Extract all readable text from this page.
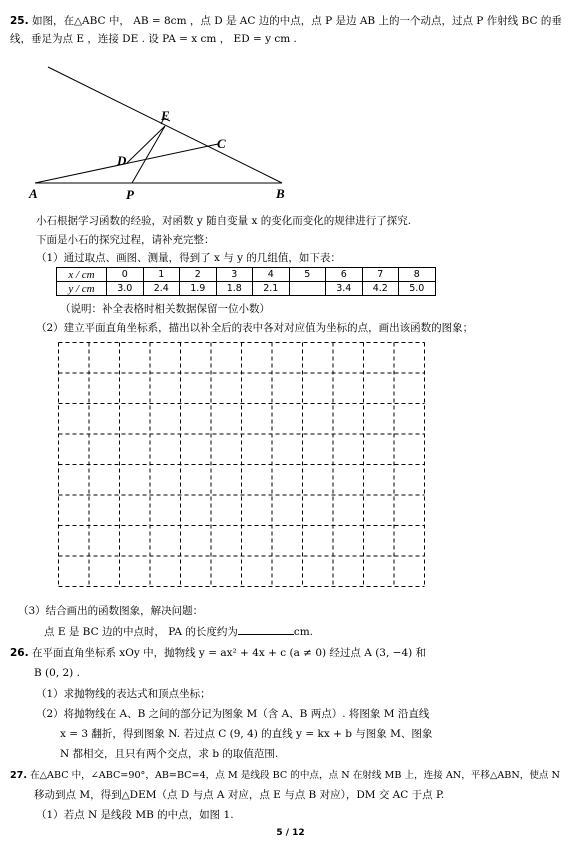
25. 如图，在△ABC 中， AB = 8cm ，点 D 是 AC 边的中点，点 P 是边 AB 上的一个动点，过点 P 作射线 BC 的垂
线，垂足为点 E ，连接 DE . 设 PA = x cm ， ED = y cm .
A	B
C
D
E
P
小石根据学习函数的经验，对函数 y 随自变量 x 的变化而变化的规律进行了探究.
下面是小石的探究过程，请补充完整：
（1）通过取点、画图、测量，得到了 x 与 y 的几组值，如下表：
x / cm	0	1	2	3	4	5	6	7	8
y / cm	3.0	2.4	1.9	1.8	2.1		3.4	4.2	5.0
（说明：补全表格时相关数据保留一位小数）
（2）建立平面直角坐标系，描出以补全后的表中各对对应值为坐标的点，画出该函数的图象；
（3）结合画出的函数图象，解决问题：
点 E 是 BC 边的中点时， PA 的长度约为	cm.
26. 在平面直角坐标系 xOy 中，抛物线 y = ax² + 4x + c (a ≠ 0) 经过点 A (3, −4) 和
B (0, 2) .
（1）求抛物线的表达式和顶点坐标；
（2）将抛物线在 A、B 之间的部分记为图象 M（含 A、B 两点）. 将图象 M 沿直线
x = 3 翻折，得到图象 N. 若过点 C (9, 4) 的直线 y = kx + b 与图象 M、图象
N 都相交，且只有两个交点，求 b 的取值范围.
27. 在△ABC 中，∠ABC=90°，AB=BC=4，点 M 是线段 BC 的中点，点 N 在射线 MB 上，连接 AN，平移△ABN，使点 N
移动到点 M，得到△DEM（点 D 与点 A 对应，点 E 与点 B 对应），DM 交 AC 于点 P.
（1）若点 N 是线段 MB 的中点，如图 1.
5 / 12
